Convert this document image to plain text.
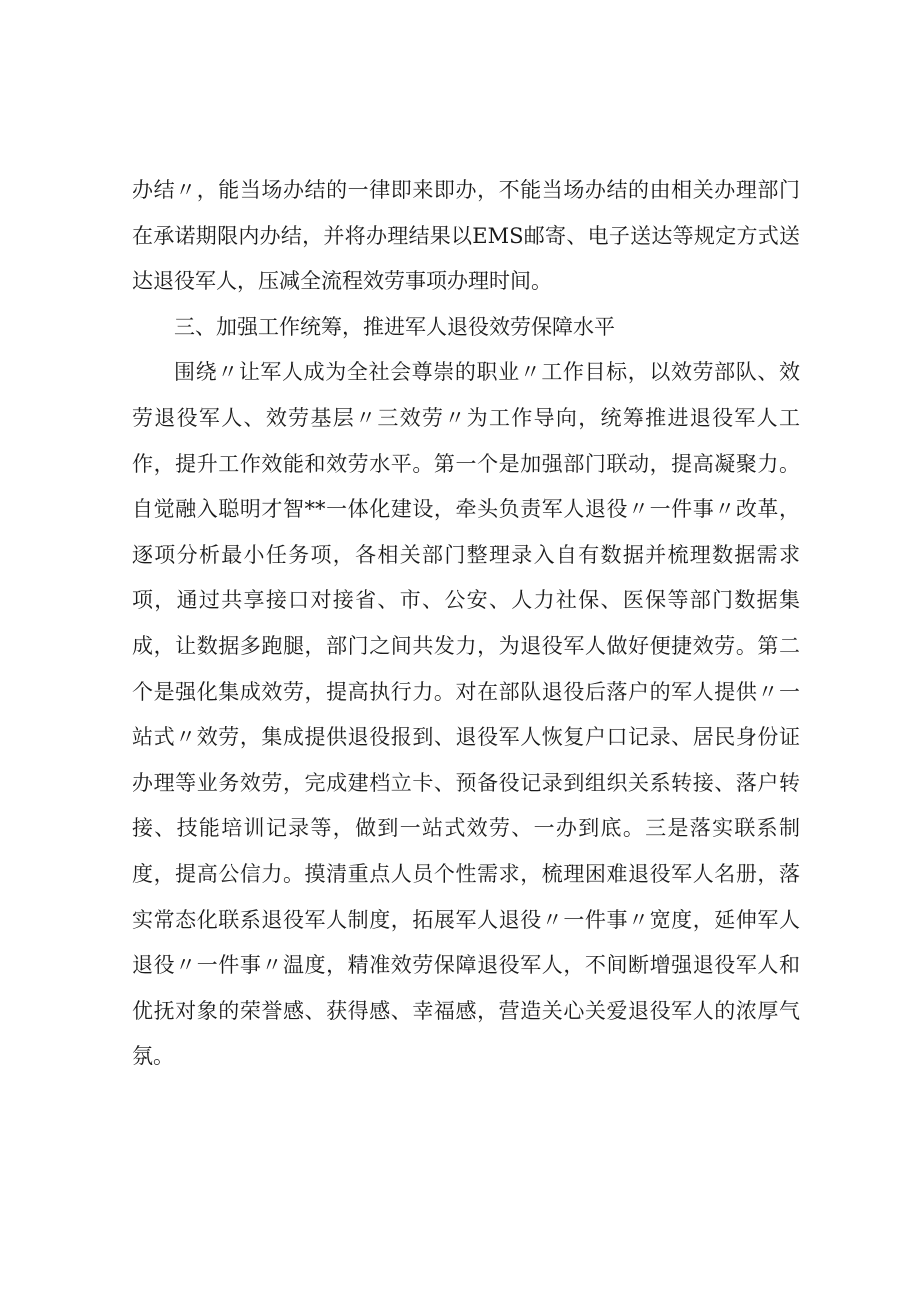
办结〃，能当场办结的一律即来即办，不能当场办结的由相关办理部门在承诺期限内办结，并将办理结果以EMS邮寄、电子送达等规定方式送达退役军人，压减全流程效劳事项办理时间。

三、加强工作统筹，推进军人退役效劳保障水平

围绕〃让军人成为全社会尊崇的职业〃工作目标，以效劳部队、效劳退役军人、效劳基层〃三效劳〃为工作导向，统筹推进退役军人工作，提升工作效能和效劳水平。第一个是加强部门联动，提高凝聚力。自觉融入聪明才智**一体化建设，牵头负责军人退役〃一件事〃改革，逐项分析最小任务项，各相关部门整理录入自有数据并梳理数据需求项，通过共享接口对接省、市、公安、人力社保、医保等部门数据集成，让数据多跑腿，部门之间共发力，为退役军人做好便捷效劳。第二个是强化集成效劳，提高执行力。对在部队退役后落户的军人提供〃一站式〃效劳，集成提供退役报到、退役军人恢复户口记录、居民身份证办理等业务效劳，完成建档立卡、预备役记录到组织关系转接、落户转接、技能培训记录等，做到一站式效劳、一办到底。三是落实联系制度，提高公信力。摸清重点人员个性需求，梳理困难退役军人名册，落实常态化联系退役军人制度，拓展军人退役〃一件事〃宽度，延伸军人退役〃一件事〃温度，精准效劳保障退役军人，不间断增强退役军人和优抚对象的荣誉感、获得感、幸福感，营造关心关爱退役军人的浓厚气氛。
